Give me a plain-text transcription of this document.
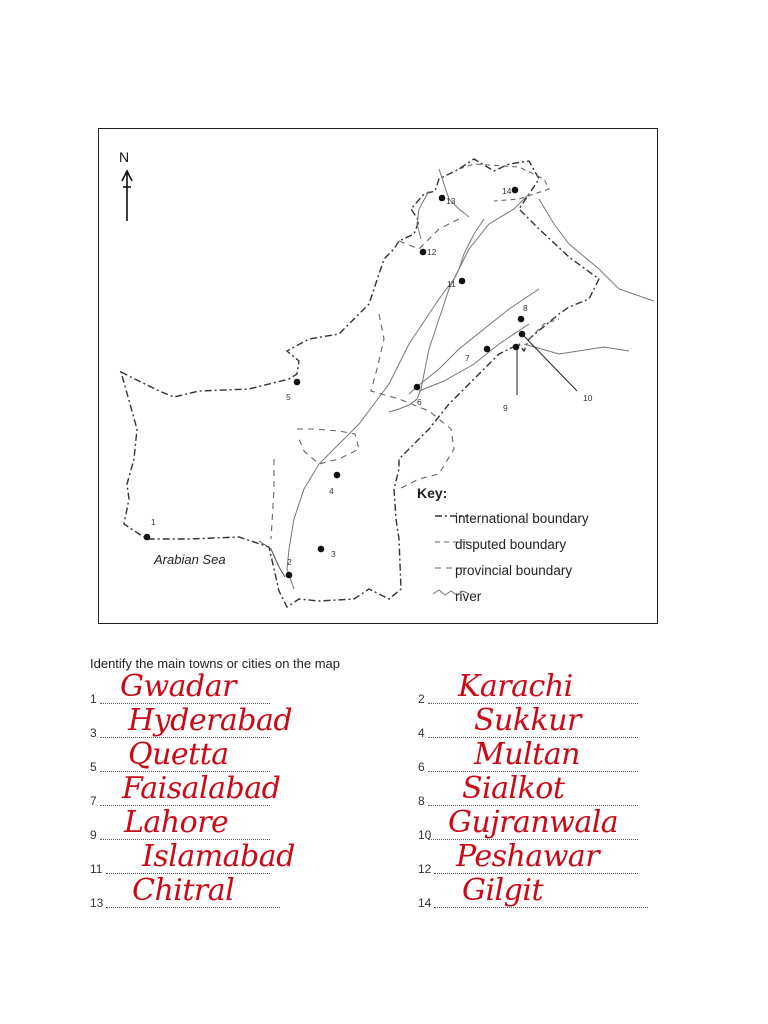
N
1
2
3
4
5	6
7
8
9
10
11
12
13
14
Arabian Sea
Key:
international boundary
disputed boundary
provincial boundary
river
Identify the main towns or cities on the map
1 Gwadar	2 Karachi
3 Hyderabad	4 Sukkur
5 Quetta	6 Multan
7 Faisalabad	8 Sialkot
9 Lahore	10 Gujranwala
11 Islamabad	12 Peshawar
13 Chitral	14 Gilgit
